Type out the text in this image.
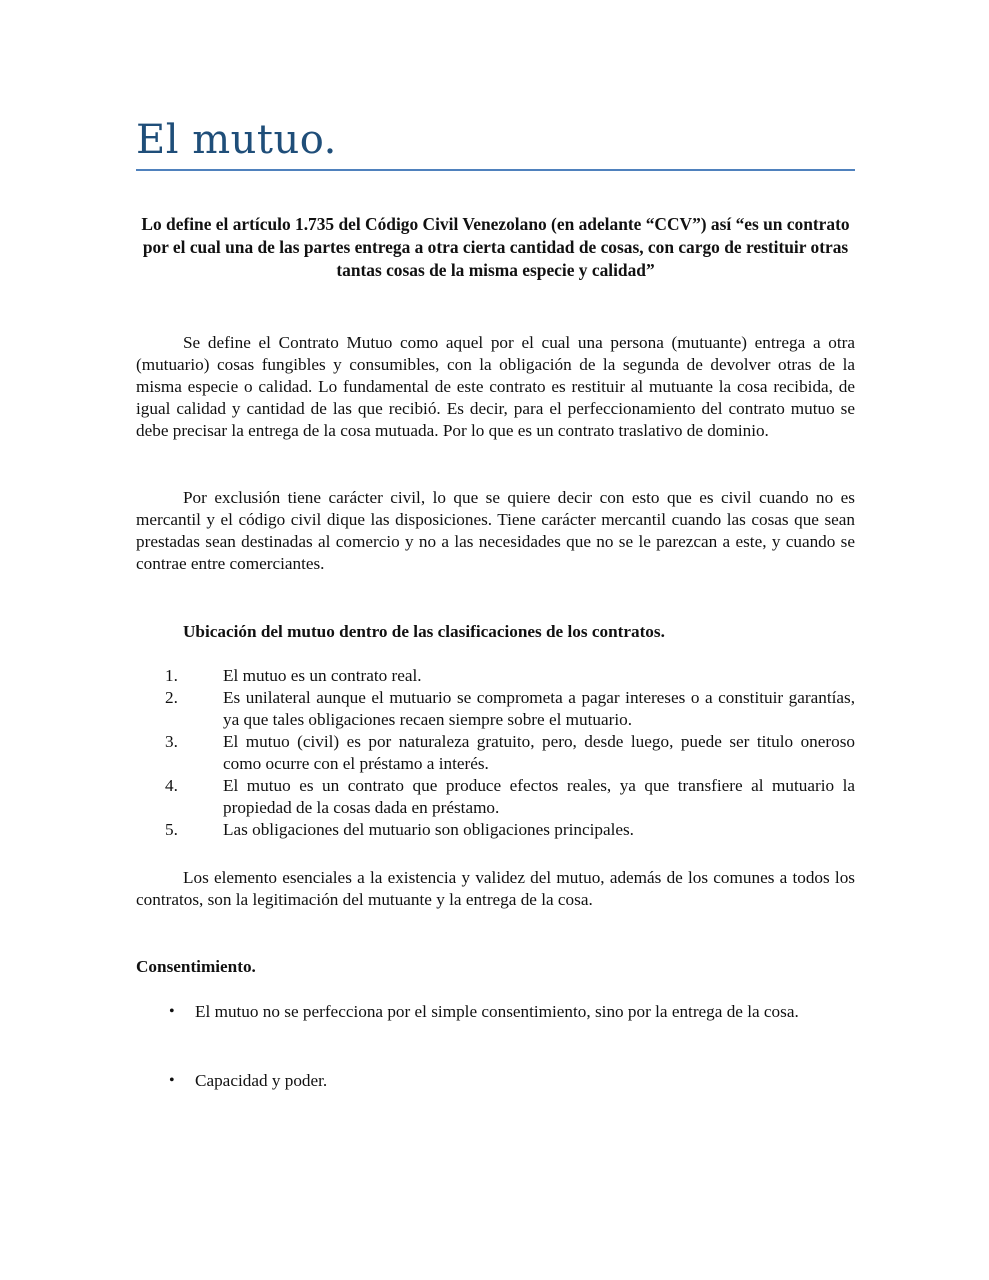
El mutuo.

Lo define el artículo 1.735 del Código Civil Venezolano (en adelante “CCV”) así “es un contrato por el cual una de las partes entrega a otra cierta cantidad de cosas, con cargo de restituir otras tantas cosas de la misma especie y calidad”

Se define el Contrato Mutuo como aquel por el cual una persona (mutuante) entrega a otra (mutuario) cosas fungibles y consumibles, con la obligación de la segunda de devolver otras de la misma especie o calidad. Lo fundamental de este contrato es restituir al mutuante la cosa recibida, de igual calidad y cantidad de las que recibió. Es decir, para el perfeccionamiento del contrato mutuo se debe precisar la entrega de la cosa mutuada. Por lo que es un contrato traslativo de dominio.

Por exclusión tiene carácter civil, lo que se quiere decir con esto que es civil cuando no es mercantil y el código civil dique las disposiciones. Tiene carácter mercantil cuando las cosas que sean prestadas sean destinadas al comercio y no a las necesidades que no se le parezcan a este, y cuando se contrae entre comerciantes.

Ubicación del mutuo dentro de las clasificaciones de los contratos.
1.	El mutuo es un contrato real.
2.	Es unilateral aunque el mutuario se comprometa a pagar intereses o a constituir garantías, ya que tales obligaciones recaen siempre sobre el mutuario.
3.	El mutuo (civil) es por naturaleza gratuito, pero, desde luego, puede ser titulo oneroso como ocurre con el préstamo a interés.
4.	El mutuo es un contrato que produce efectos reales, ya que transfiere al mutuario la propiedad de la cosas dada en préstamo.
5.	Las obligaciones del mutuario son obligaciones principales.

Los elemento esenciales a la existencia y validez del mutuo, además de los comunes a todos los contratos, son la legitimación del mutuante y la entrega de la cosa.

Consentimiento.
•	El mutuo no se perfecciona por el simple consentimiento, sino por la entrega de la cosa.
•	Capacidad y poder.
